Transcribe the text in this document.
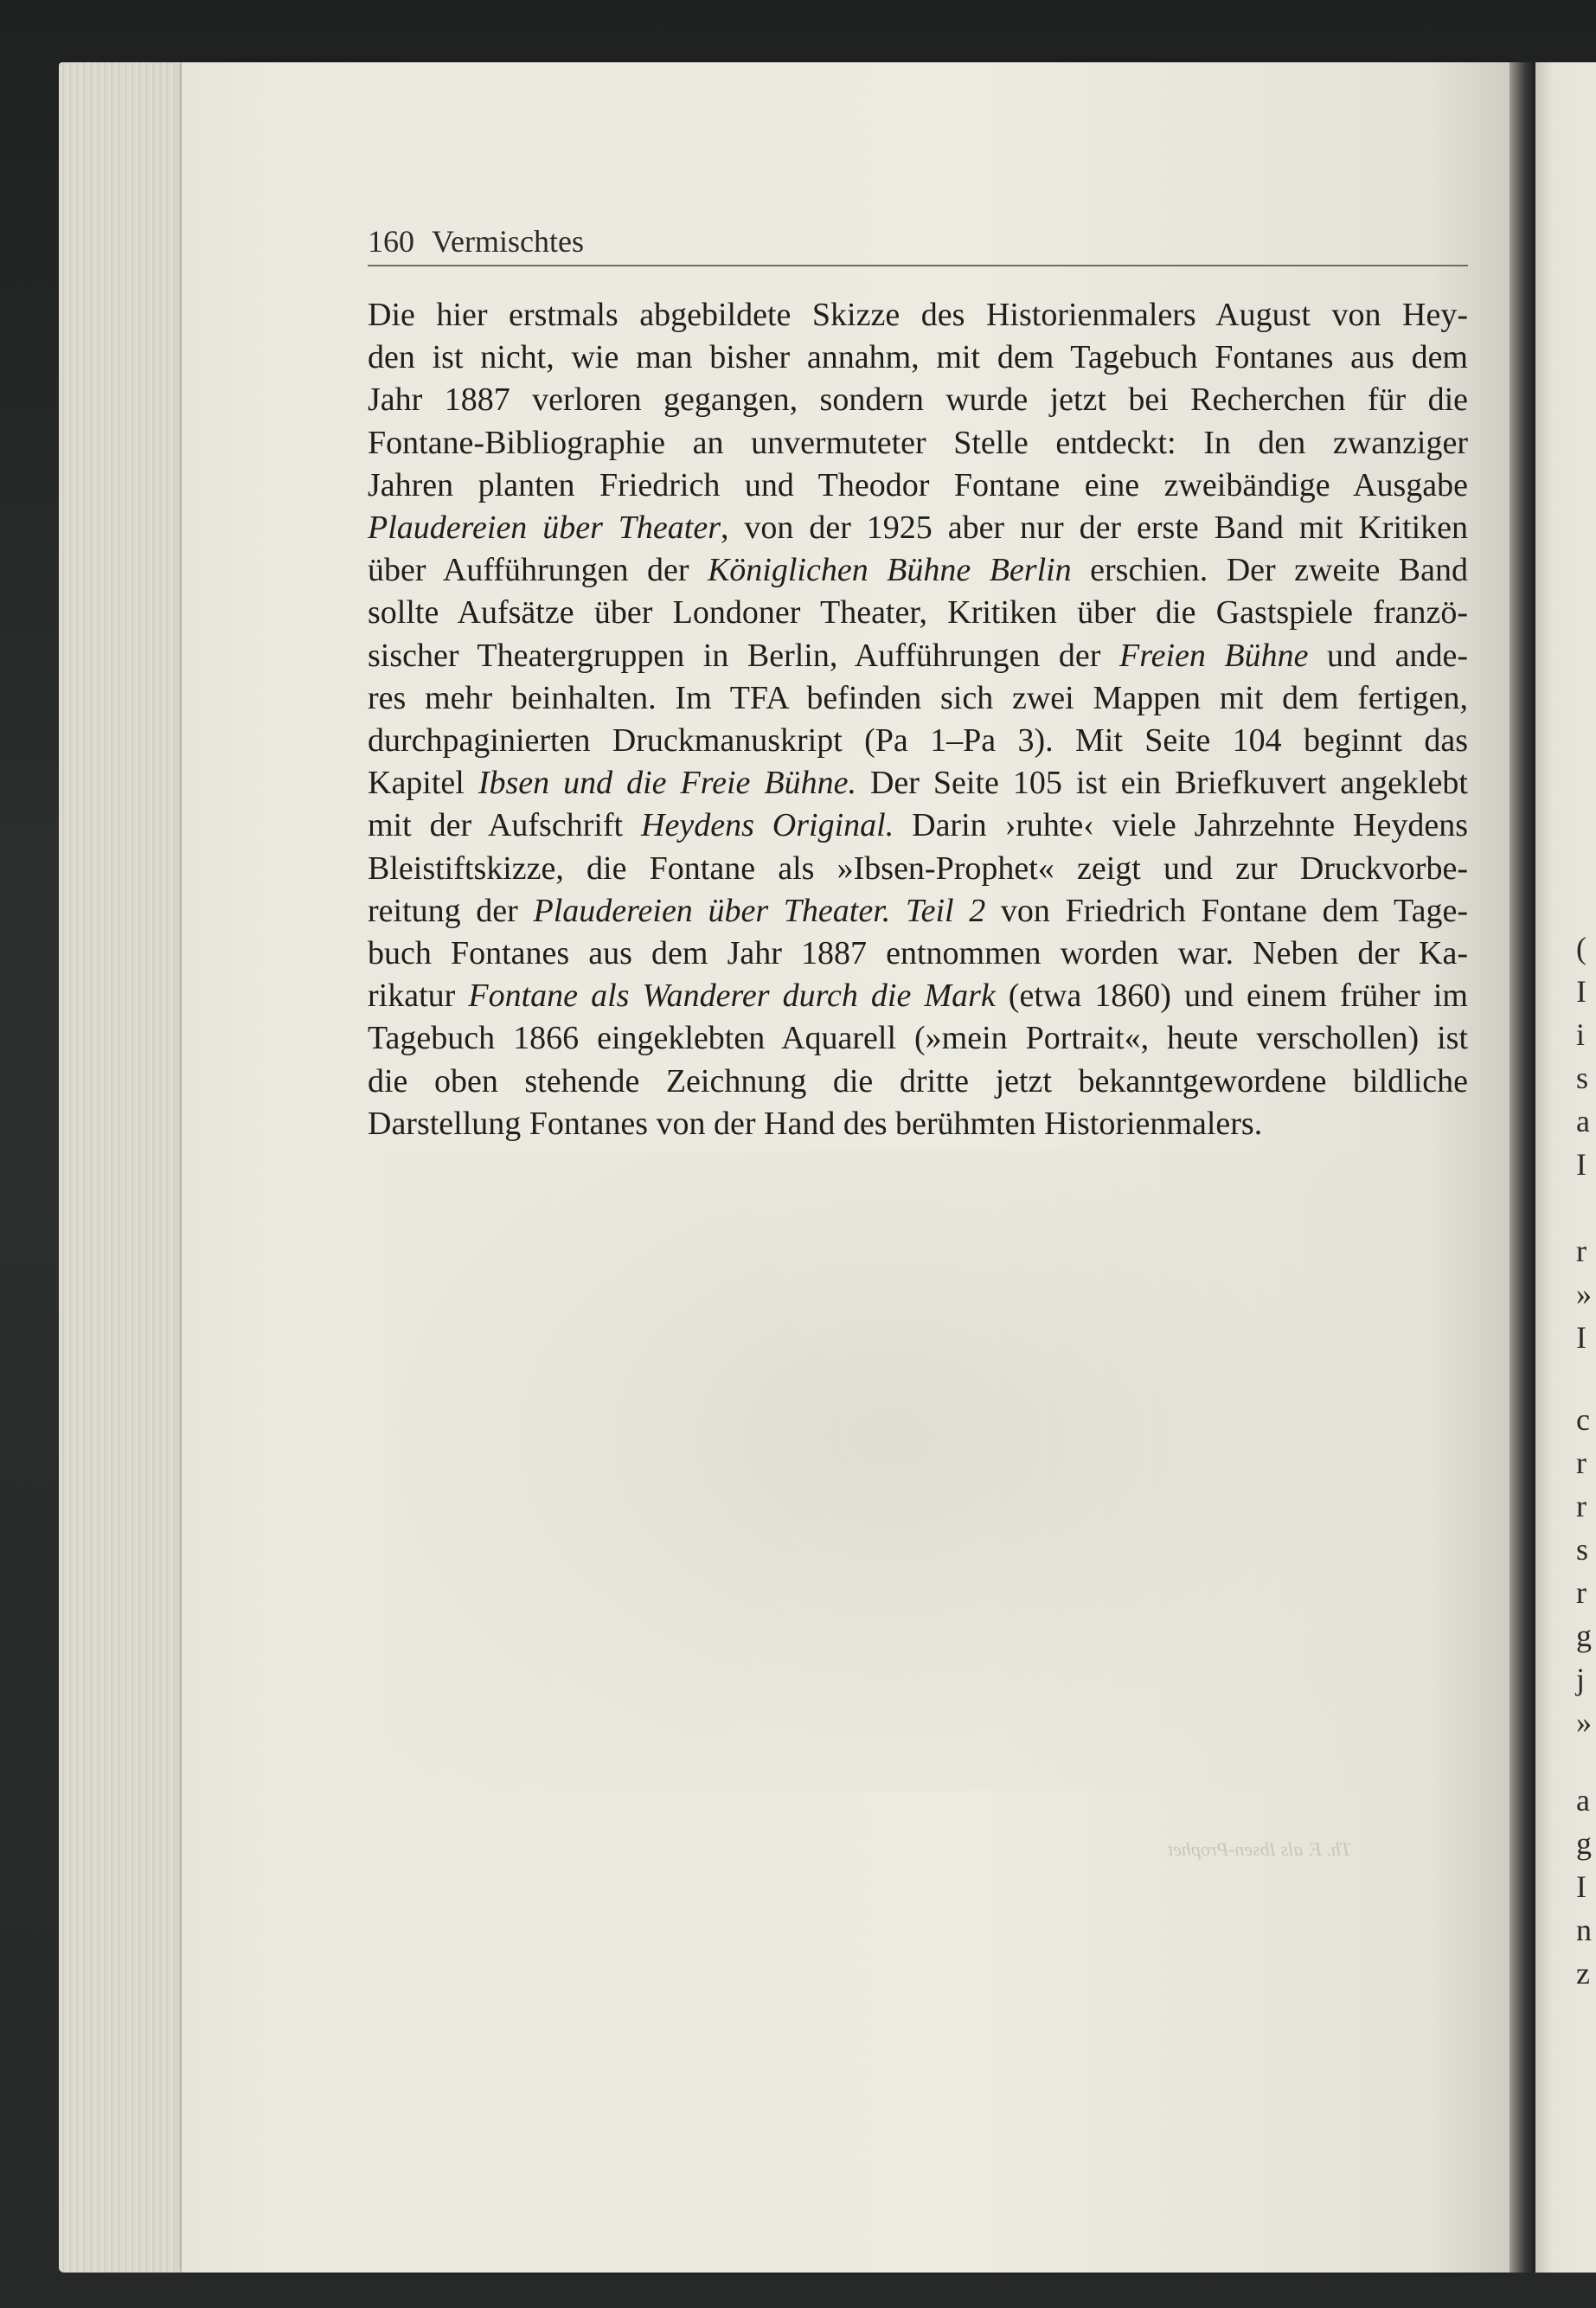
160 Vermischtes
Th. F. als Ibsen-Prophet
Die hier erstmals abgebildete Skizze des Historienmalers August von Hey-
den ist nicht, wie man bisher annahm, mit dem Tagebuch Fontanes aus dem
Jahr 1887 verloren gegangen, sondern wurde jetzt bei Recherchen für die
Fontane-Bibliographie an unvermuteter Stelle entdeckt: In den zwanziger
Jahren planten Friedrich und Theodor Fontane eine zweibändige Ausgabe
Plaudereien über Theater, von der 1925 aber nur der erste Band mit Kritiken
über Aufführungen der Königlichen Bühne Berlin erschien. Der zweite Band
sollte Aufsätze über Londoner Theater, Kritiken über die Gastspiele franzö-
sischer Theatergruppen in Berlin, Aufführungen der Freien Bühne und ande-
res mehr beinhalten. Im TFA befinden sich zwei Mappen mit dem fertigen,
durchpaginierten Druckmanuskript (Pa 1–Pa 3). Mit Seite 104 beginnt das
Kapitel Ibsen und die Freie Bühne. Der Seite 105 ist ein Briefkuvert angeklebt
mit der Aufschrift Heydens Original. Darin ›ruhte‹ viele Jahrzehnte Heydens
Bleistiftskizze, die Fontane als »Ibsen-Prophet« zeigt und zur Druckvorbe-
reitung der Plaudereien über Theater. Teil 2 von Friedrich Fontane dem Tage-
buch Fontanes aus dem Jahr 1887 entnommen worden war. Neben der Ka-
rikatur Fontane als Wanderer durch die Mark (etwa 1860) und einem früher im
Tagebuch 1866 eingeklebten Aquarell (»mein Portrait«, heute verschollen) ist
die oben stehende Zeichnung die dritte jetzt bekanntgewordene bildliche
Darstellung Fontanes von der Hand des berühmten Historienmalers.
(
I
i
s
a
I
r
»
I
c
r
r
s
r
g
j
»
a
g
I
n
z
